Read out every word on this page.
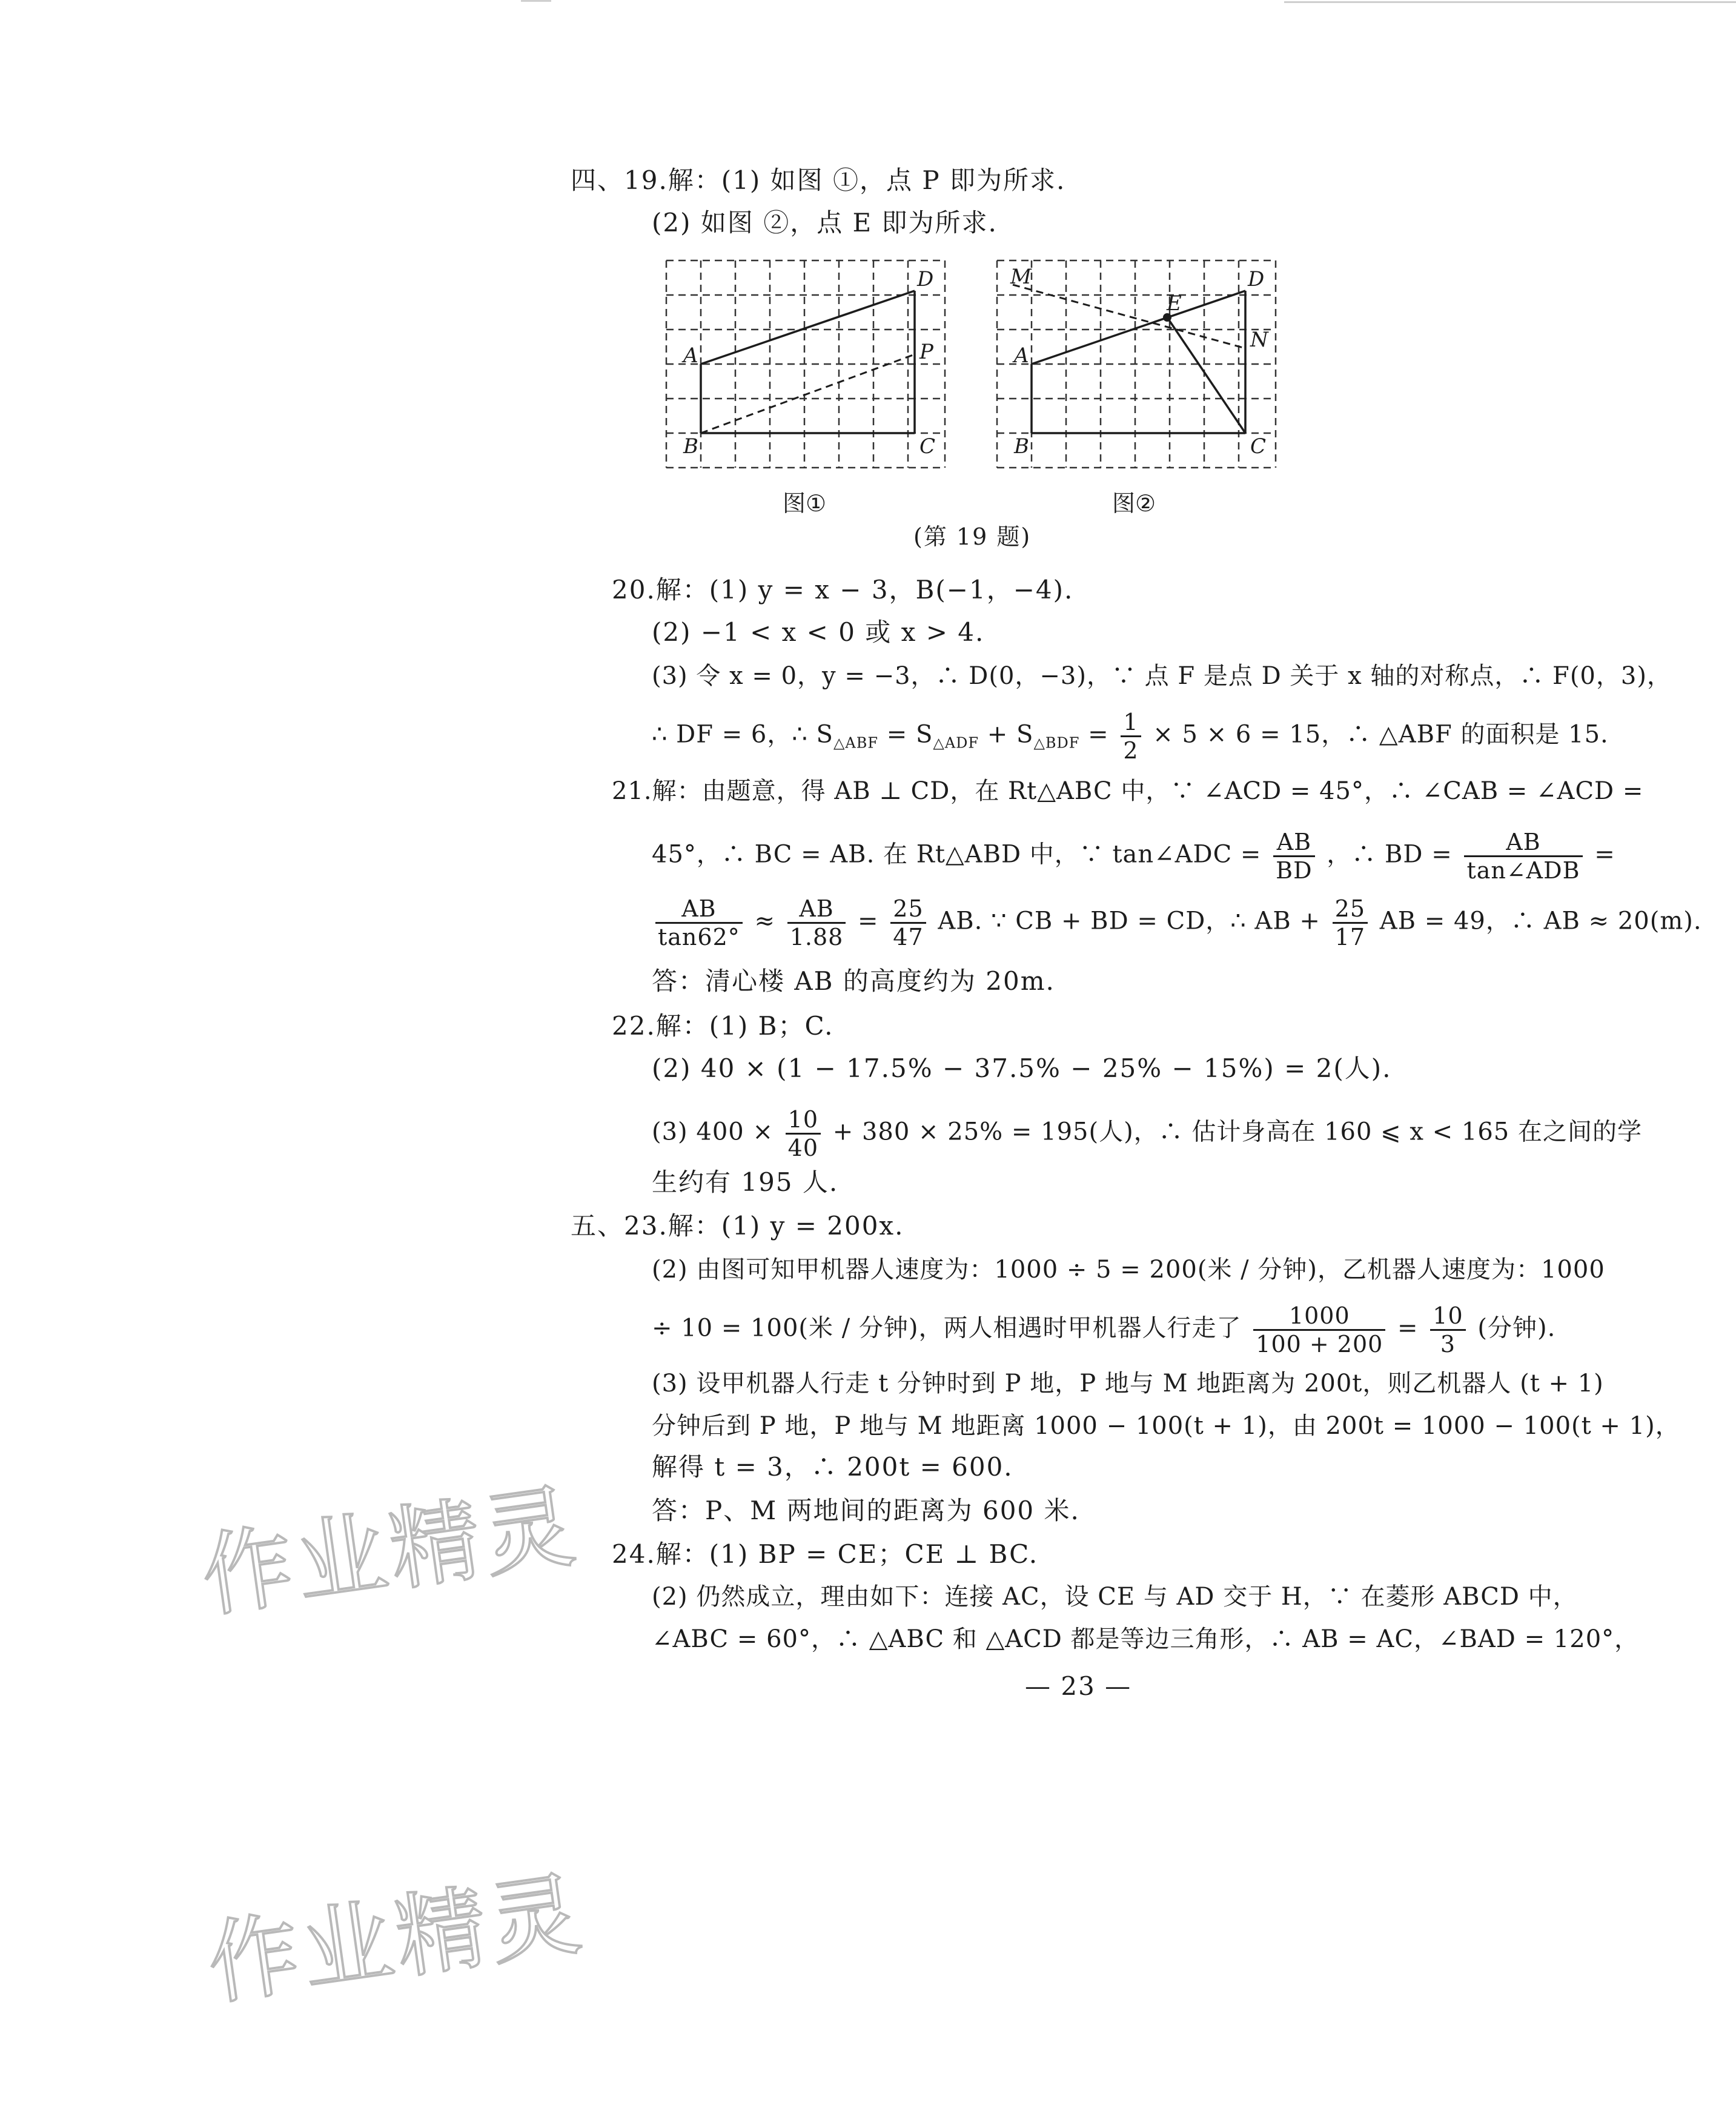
四、19.解：(1) 如图 ①，点 P 即为所求.
(2) 如图 ②，点 E 即为所求.
A
B	C
D
P
图①
M
E
D
N
A
B	C
图②
(第 19 题)
20.解：(1) y = x − 3，B(−1，−4).
(2) −1 < x < 0 或 x > 4.
(3) 令 x = 0，y = −3，∴ D(0，−3)，∵ 点 F 是点 D 关于 x 轴的对称点，∴ F(0，3)，
∴ DF = 6，∴ $S_{\triangle ABF} = S_{\triangle ADF} + S_{\triangle BDF} = \frac{1}{2} \times 5 \times 6 = 15$，∴ △ABF 的面积是 15.
21.解：由题意，得 AB ⊥ CD，在 Rt△ABC 中，∵ ∠ACD = 45°，∴ ∠CAB = ∠ACD =
45°，∴ BC = AB. 在 Rt△ABD 中，∵ tan∠ADC = $\frac{AB}{BD}$ ，∴ BD =	AB
tan∠ADB
=
$\frac{AB}{\tan 62^\circ} \approx \frac{AB}{1.88} = \frac{25}{47}$ AB. ∵ CB + BD = CD，∴ AB + $\frac{25}{17}$ AB = 49，∴ AB ≈ 20(m).
答：清心楼 AB 的高度约为 20m.
22.解：(1) B；C.
(2) 40 × (1 − 17.5% − 37.5% − 25% − 15%) = 2(人).
(3) $400 \times \frac{10}{40} + 380 \times 25\% = 195$(人)，∴ 估计身高在 160 ⩽ x < 165 在之间的学
生约有 195 人.
五、23.解：(1) y = 200x.
(2) 由图可知甲机器人速度为：1000 ÷ 5 = 200(米 / 分钟)，乙机器人速度为：1000
÷ 10 = 100(米 / 分钟)，两人相遇时甲机器人行走了 $\frac{1000}{100 + 200} = \frac{10}{3}$ (分钟).
(3) 设甲机器人行走 t 分钟时到 P 地，P 地与 M 地距离为 200t，则乙机器人 (t + 1)
分钟后到 P 地，P 地与 M 地距离 1000 − 100(t + 1)，由 200t = 1000 − 100(t + 1)，
解得 t = 3，∴ 200t = 600.
答：P、M 两地间的距离为 600 米.
24.解：(1) BP = CE；CE ⊥ BC.
(2) 仍然成立，理由如下：连接 AC，设 CE 与 AD 交于 H，∵ 在菱形 ABCD 中，
∠ABC = 60°，∴ △ABC 和 △ACD 都是等边三角形，∴ AB = AC，∠BAD = 120°，
— 23 —
作业精灵
作业精灵
